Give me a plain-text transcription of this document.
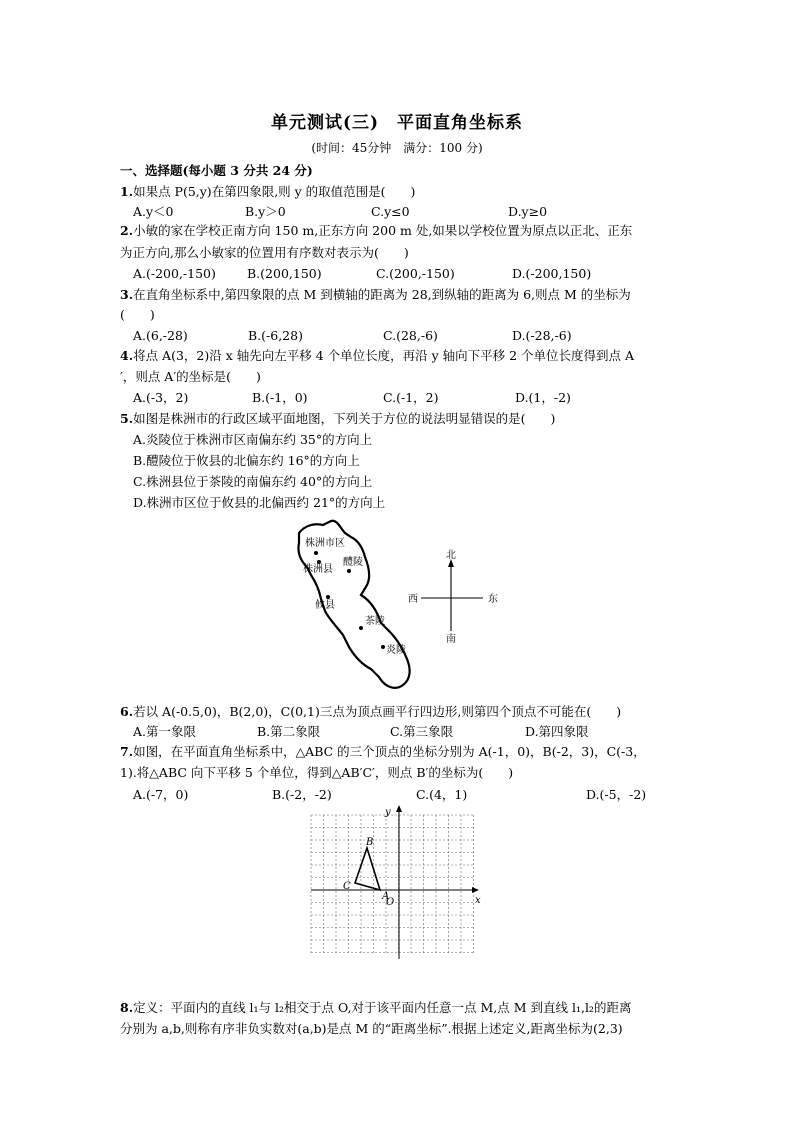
单元测试(三)　平面直角坐标系
(时间：45分钟　满分：100 分)
一、选择题(每小题 3 分共 24 分)
1.如果点 P(5,y)在第四象限,则 y 的取值范围是(　　)
A.y＜0	B.y＞0	C.y≤0	D.y≥0
2.小敏的家在学校正南方向 150 m,正东方向 200 m 处,如果以学校位置为原点以正北、正东
为正方向,那么小敏家的位置用有序数对表示为(　　)
A.(-200,-150) B.(200,150)	C.(200,-150)	D.(-200,150)
3.在直角坐标系中,第四象限的点 M 到横轴的距离为 28,到纵轴的距离为 6,则点 M 的坐标为
(　　)
A.(6,-28)	B.(-6,28)	C.(28,-6)	D.(-28,-6)
4.将点 A(3，2)沿 x 轴先向左平移 4 个单位长度，再沿 y 轴向下平移 2 个单位长度得到点 A
′，则点 A′的坐标是(　　)
A.(-3，2)	B.(-1，0)	C.(-1，2)	D.(1，-2)
5.如图是株洲市的行政区域平面地图，下列关于方位的说法明显错误的是(　　)
A.炎陵位于株洲市区南偏东约 35°的方向上
B.醴陵位于攸县的北偏东约 16°的方向上
C.株洲县位于茶陵的南偏东约 40°的方向上
D.株洲市区位于攸县的北偏西约 21°的方向上
株洲市区
株洲县
醴陵
攸县
茶陵
炎陵
北
南
东
西
6.若以 A(-0.5,0)，B(2,0)，C(0,1)三点为顶点画平行四边形,则第四个顶点不可能在(　　)
A.第一象限	B.第二象限	C.第三象限	D.第四象限
7.如图，在平面直角坐标系中，△ABC 的三个顶点的坐标分别为 A(-1，0)，B(-2，3)，C(-3，
1).将△ABC 向下平移 5 个单位，得到△AB′C′，则点 B′的坐标为(　　)
A.(-7，0)	B.(-2，-2)	C.(4，1)	D.(-5，-2)
x
y
O
A
B
C
8.定义：平面内的直线 l₁与 l₂相交于点 O,对于该平面内任意一点 M,点 M 到直线 l₁,l₂的距离
分别为 a,b,则称有序非负实数对(a,b)是点 M 的“距离坐标”.根据上述定义,距离坐标为(2,3)
